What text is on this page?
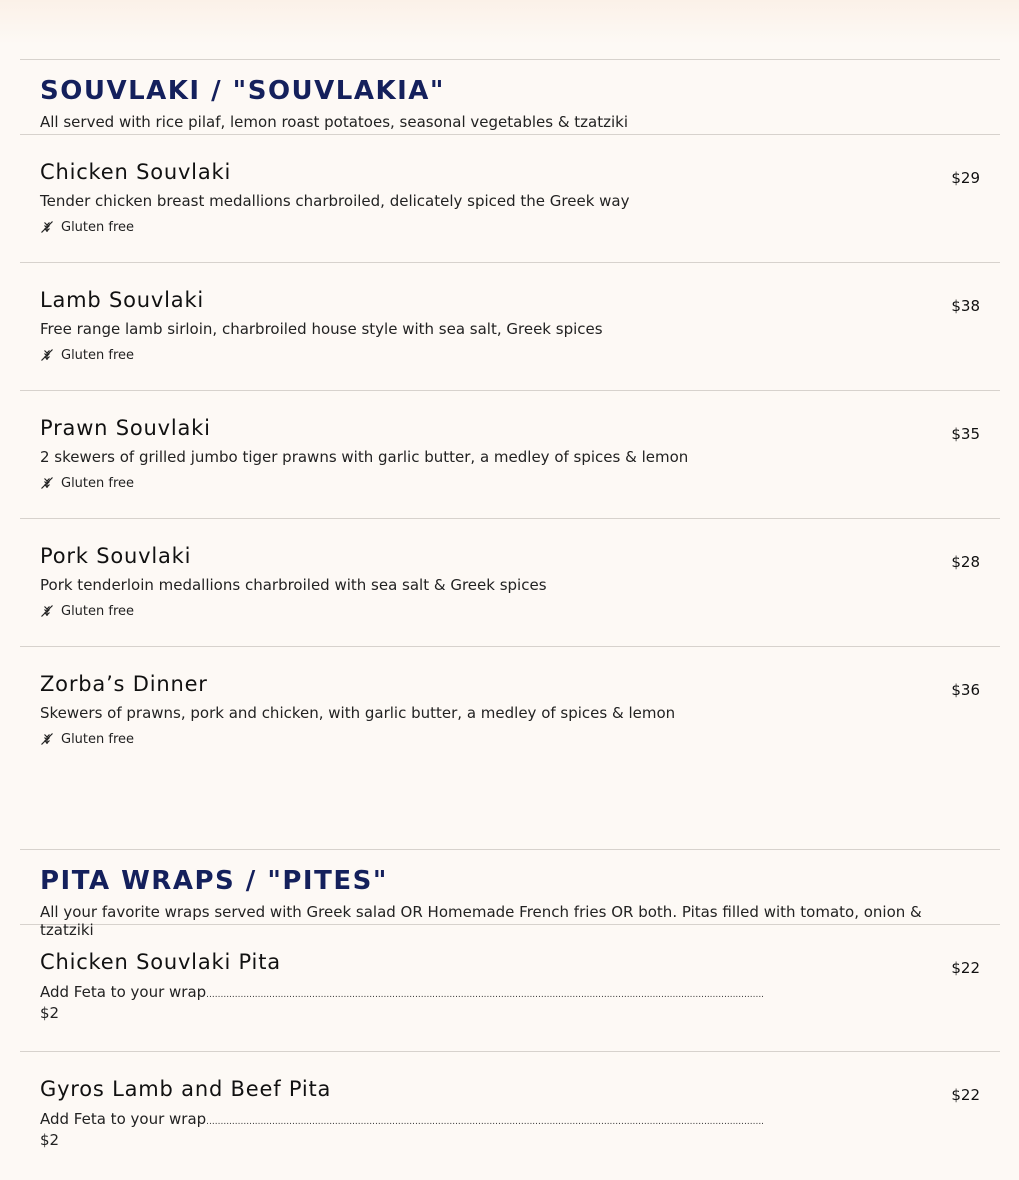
SOUVLAKI / "SOUVLAKIA"
All served with rice pilaf, lemon roast potatoes, seasonal vegetables & tzatziki
Chicken Souvlaki
Tender chicken breast medallions charbroiled, delicately spiced the Greek way
Gluten free
$29
Lamb Souvlaki
Free range lamb sirloin, charbroiled house style with sea salt, Greek spices
Gluten free
$38
Prawn Souvlaki
2 skewers of grilled jumbo tiger prawns with garlic butter, a medley of spices & lemon
Gluten free
$35
Pork Souvlaki
Pork tenderloin medallions charbroiled with sea salt & Greek spices
Gluten free
$28
Zorba’s Dinner
Skewers of prawns, pork and chicken, with garlic butter, a medley of spices & lemon
Gluten free
$36
PITA WRAPS / "PITES"
All your favorite wraps served with Greek salad OR Homemade French fries OR both. Pitas filled with tomato, onion & tzatziki
Chicken Souvlaki Pita
Add Feta to your wrap...................................................................................................................................................................................................
$2
$22
Gyros Lamb and Beef Pita
Add Feta to your wrap...................................................................................................................................................................................................
$2
$22
